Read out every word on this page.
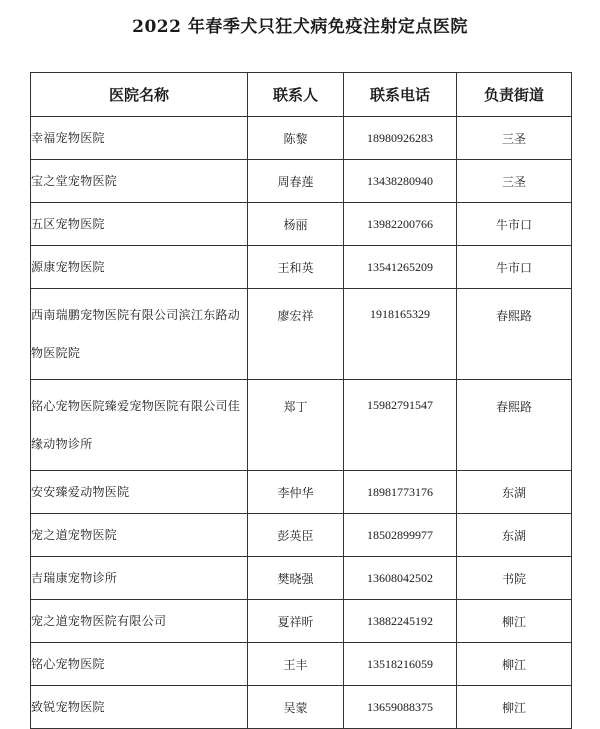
2022 年春季犬只狂犬病免疫注射定点医院
医院名称	联系人	联系电话	负责街道
幸福宠物医院	陈黎	18980926283	三圣
宝之堂宠物医院	周春莲	13438280940	三圣
五区宠物医院	杨丽	13982200766	牛市口
源康宠物医院	王和英	13541265209	牛市口
西南瑞鹏宠物医院有限公司滨江东路动物医院院	廖宏祥	1918165329	春熙路
铭心宠物医院臻爱宠物医院有限公司佳缘动物诊所	郑丁	15982791547	春熙路
安安臻爱动物医院	李仲华	18981773176	东湖
宠之道宠物医院	彭英臣	18502899977	东湖
吉瑞康宠物诊所	樊晓强	13608042502	书院
宠之道宠物医院有限公司	夏祥昕	13882245192	柳江
铭心宠物医院	王丰	13518216059	柳江
致锐宠物医院	吴蒙	13659088375	柳江
